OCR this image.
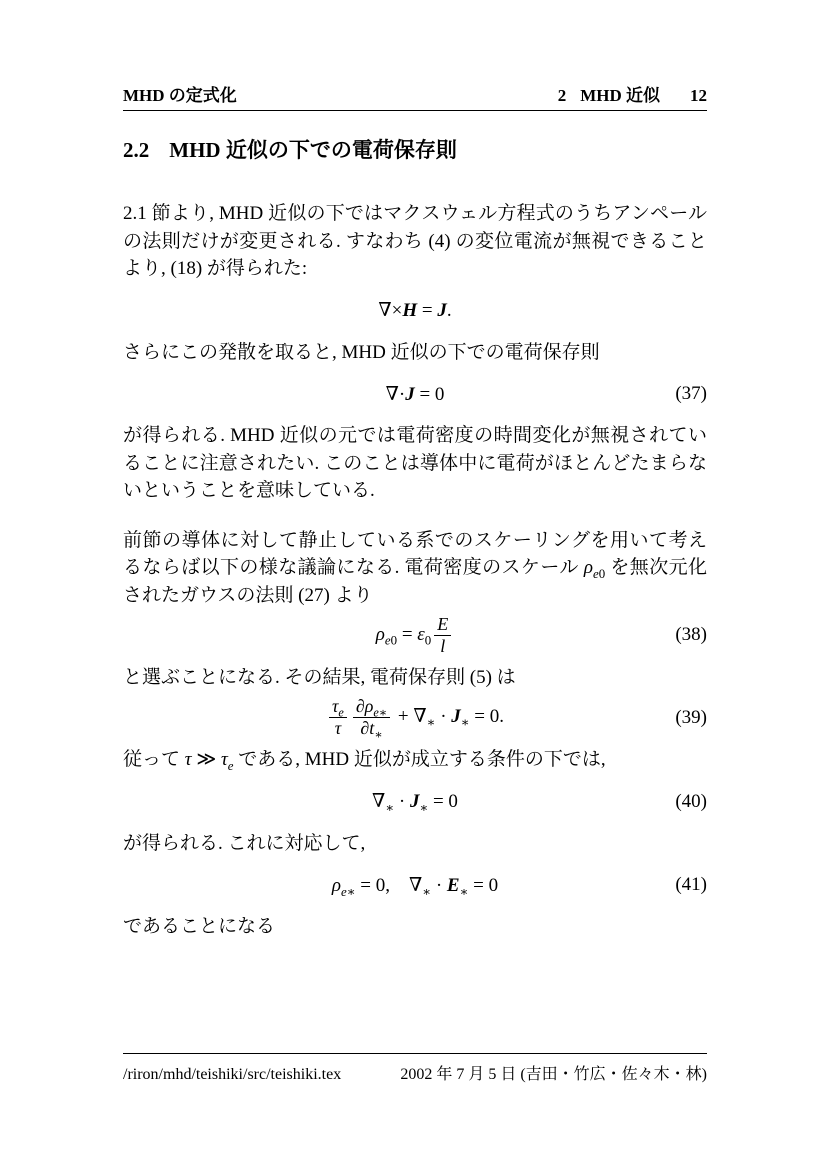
MHD の定式化	2 MHD 近似 12
2.2 MHD 近似の下での電荷保存則

2.1 節より, MHD 近似の下ではマクスウェル方程式のうちアンペールの法則だけが変更される. すなわち (4) の変位電流が無視できることより, (18) が得られた:

∇×H = J.

さらにこの発散を取ると, MHD 近似の下での電荷保存則

∇·J = 0	(37)

が得られる. MHD 近似の元では電荷密度の時間変化が無視されていることに注意されたい. このことは導体中に電荷がほとんどたまらないということを意味している.

前節の導体に対して静止している系でのスケーリングを用いて考えるならば以下の様な議論になる. 電荷密度のスケール $\rho_{e0}$ を無次元化されたガウスの法則 (27) より

$\rho_{e0} = \varepsilon_0 \frac{E}{l}$	(38)

と選ぶことになる. その結果, 電荷保存則 (5) は

$\frac{\tau_e}{\tau} \frac{\partial\rho_{e∗}}{\partial t_∗} + \nabla_∗ \cdot J_∗ = 0$.	(39)

従って τ ≫ $\tau_e$ である, MHD 近似が成立する条件の下では,

$\nabla_∗ \cdot J_∗ = 0$	(40)

が得られる. これに対応して,

$\rho_{e∗} = 0$,    $\nabla_∗ \cdot E_∗ = 0$	(41)

であることになる

/riron/mhd/teishiki/src/teishiki.tex	2002 年 7 月 5 日 (吉田・竹広・佐々木・林)
